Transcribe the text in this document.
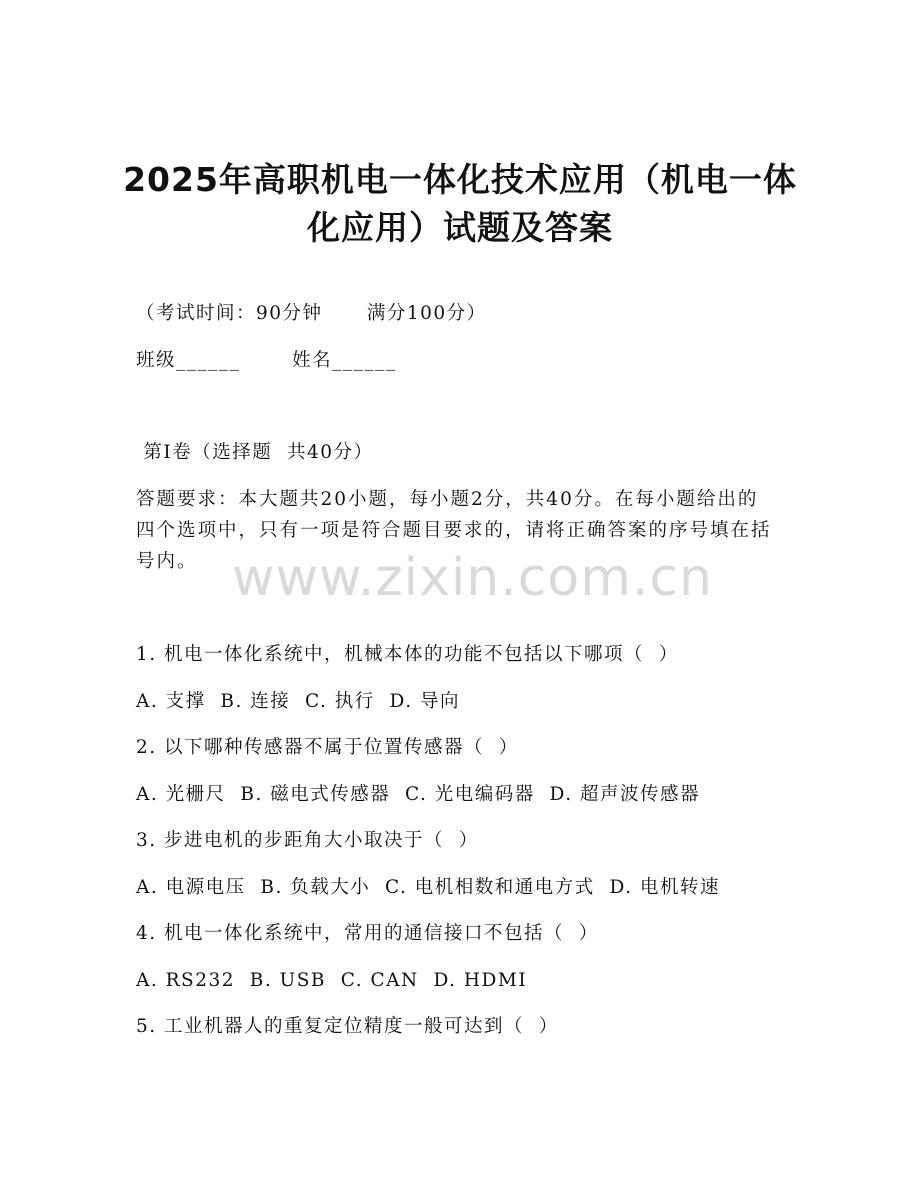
www.zixin.com.cn
2025年高职机电一体化技术应用（机电一体
化应用）试题及答案
（考试时间：90分钟      满分100分）
班级______       姓名______
第Ⅰ卷（选择题  共40分）
答题要求：本大题共20小题，每小题2分，共40分。在每小题给出的四个选项中，只有一项是符合题目要求的，请将正确答案的序号填在括号内。
1. 机电一体化系统中，机械本体的功能不包括以下哪项（  ）
A. 支撑  B. 连接  C. 执行  D. 导向
2. 以下哪种传感器不属于位置传感器（  ）
A. 光栅尺  B. 磁电式传感器  C. 光电编码器  D. 超声波传感器
3. 步进电机的步距角大小取决于（  ）
A. 电源电压  B. 负载大小  C. 电机相数和通电方式  D. 电机转速
4. 机电一体化系统中，常用的通信接口不包括（  ）
A. RS232  B. USB  C. CAN  D. HDMI
5. 工业机器人的重复定位精度一般可达到（  ）
